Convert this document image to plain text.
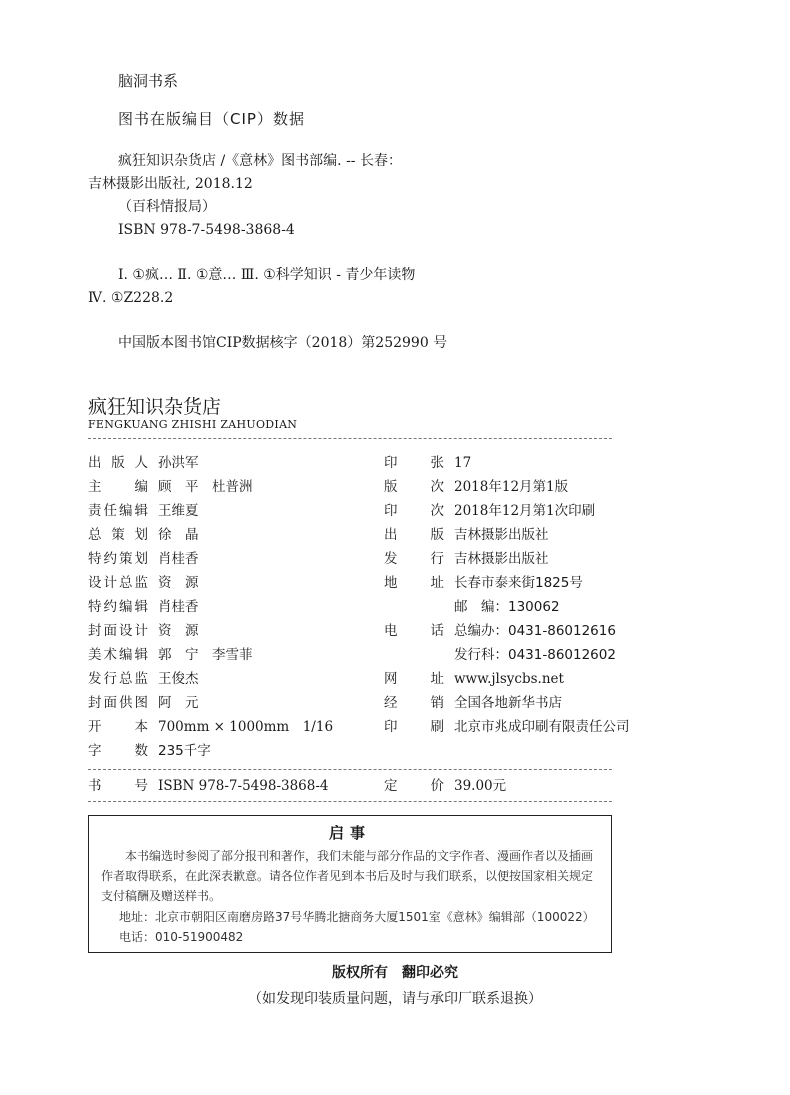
脑洞书系
图书在版编目（CIP）数据
疯狂知识杂货店 /《意林》图书部编. -- 长春：
吉林摄影出版社, 2018.12
（百科情报局）
ISBN 978-7-5498-3868-4
Ⅰ. ①疯… Ⅱ. ①意… Ⅲ. ①科学知识 - 青少年读物
Ⅳ. ①Z228.2
中国版本图书馆CIP数据核字（2018）第252990 号
疯狂知识杂货店
FENGKUANG ZHISHI ZAHUODIAN
出版人 孙洪军	印张 17
主编 顾　平　杜普洲	版次 2018年12月第1版
责任编辑 王维夏	印次 2018年12月第1次印刷
总策划 徐　晶	出版 吉林摄影出版社
特约策划 肖桂香	发行 吉林摄影出版社
设计总监 资　源	地址 长春市泰来街1825号
特约编辑 肖桂香	邮　编：130062
封面设计 资　源	电话 总编办：0431-86012616
美术编辑 郭　宁　李雪菲	发行科：0431-86012602
发行总监 王俊杰	网址 www.jlsycbs.net
封面供图 阿　元	经销 全国各地新华书店
开本 700mm × 1000mm　1/16	印刷 北京市兆成印刷有限责任公司
字数 235千字
书号 ISBN 978-7-5498-3868-4	定价 39.00元
启事
本书编选时参阅了部分报刊和著作，我们未能与部分作品的文字作者、漫画作者以及插画作者取得联系，在此深表歉意。请各位作者见到本书后及时与我们联系，以便按国家相关规定支付稿酬及赠送样书。
地址：北京市朝阳区南磨房路37号华腾北搪商务大厦1501室《意林》编辑部（100022）
电话：010-51900482
版权所有　翻印必究
（如发现印装质量问题，请与承印厂联系退换）
